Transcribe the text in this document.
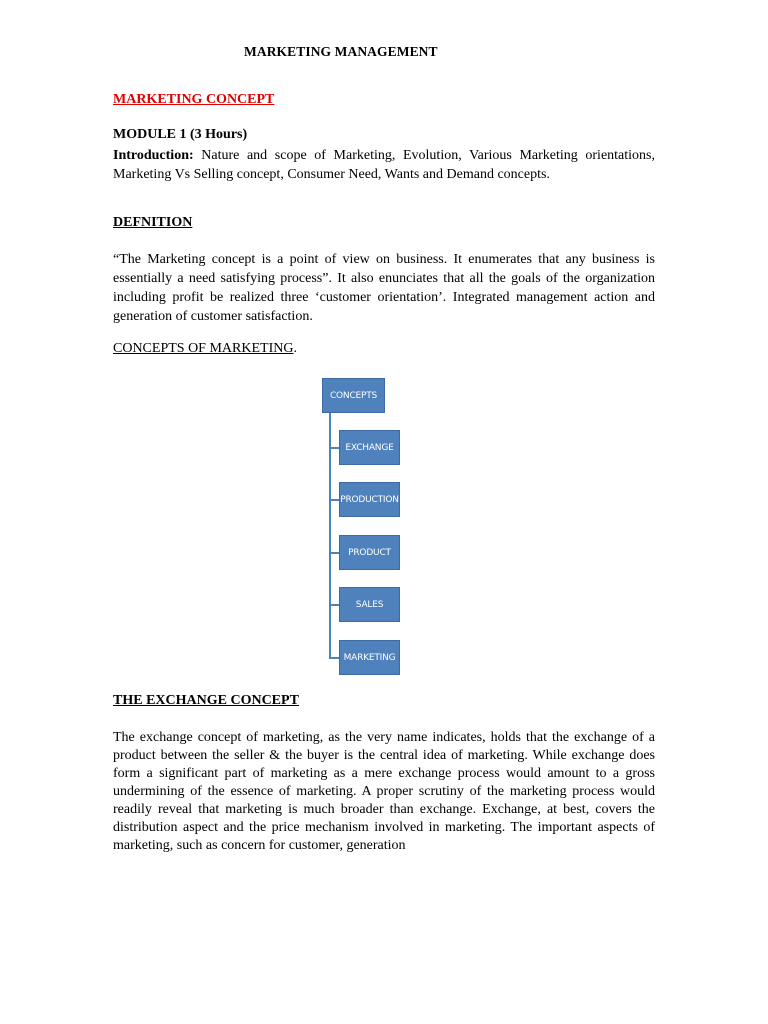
MARKETING MANAGEMENT
MARKETING CONCEPT
MODULE 1 (3 Hours)
Introduction: Nature and scope of Marketing, Evolution, Various Marketing orientations, Marketing Vs Selling concept, Consumer Need, Wants and Demand concepts.
DEFNITION
“The Marketing concept is a point of view on business. It enumerates that any business is essentially a need satisfying process”. It also enunciates that all the goals of the organization including profit be realized three ‘customer orientation’. Integrated management action and generation of customer satisfaction.
CONCEPTS OF MARKETING.
CONCEPTS
EXCHANGE
PRODUCTION
PRODUCT
SALES
MARKETING
THE EXCHANGE CONCEPT
The exchange concept of marketing, as the very name indicates, holds that the exchange of a product between the seller & the buyer is the central idea of marketing. While exchange does form a significant part of marketing as a mere exchange process would amount to a gross undermining of the essence of marketing. A proper scrutiny of the marketing process would readily reveal that marketing is much broader than exchange. Exchange, at best, covers the distribution aspect and the price mechanism involved in marketing. The important aspects of marketing, such as concern for customer, generation
